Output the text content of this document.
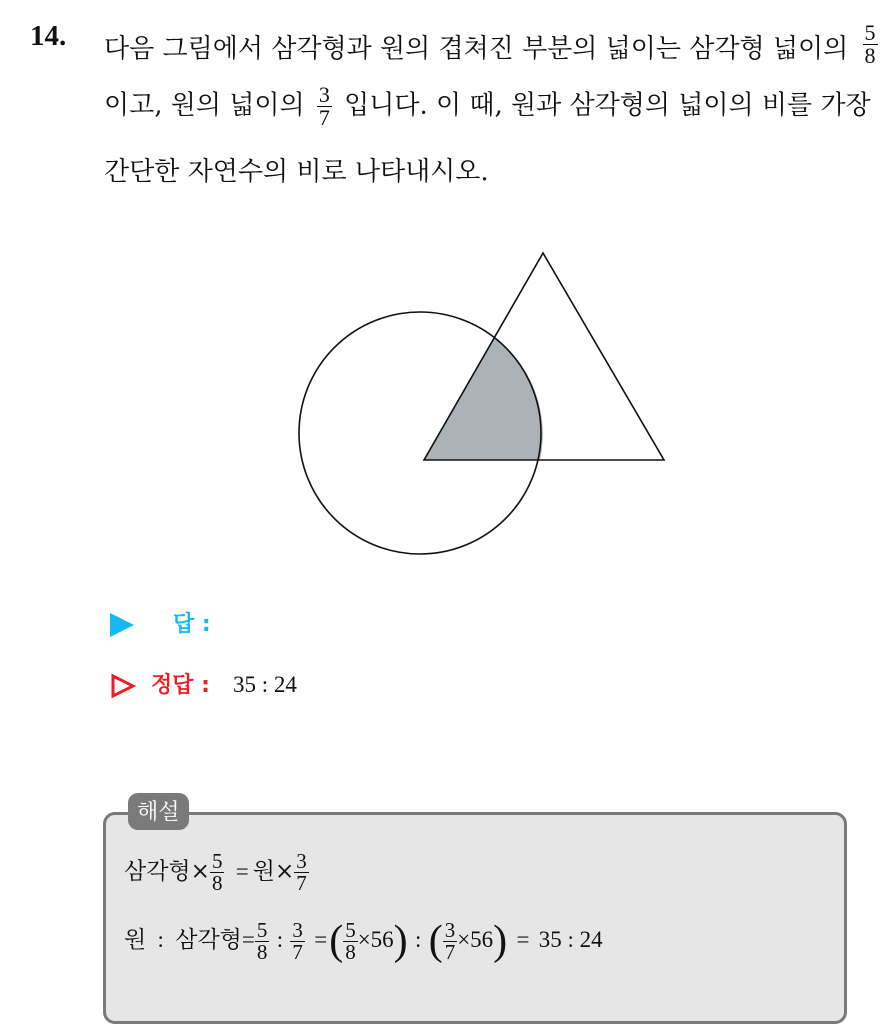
14. 다음 그림에서 삼각형과 원의 겹쳐진 부분의 넓이는 삼각형 넓이의 $\frac{5}{8}$
이고, 원의 넓이의 $\frac{3}{7}$ 입니다. 이 때, 원과 삼각형의 넓이의 비를 가장
간단한 자연수의 비로 나타내시오.
답 :
정답 : 35 : 24
해설
삼각형× $\frac{5}{8}$ = 원× $\frac{3}{7}$
원 : 삼각형= $\frac{5}{8}$ : $\frac{3}{7}$ =( $\frac{5}{8} \times 56$) : ( $\frac{3}{7} \times 56) = 35$ : 24
